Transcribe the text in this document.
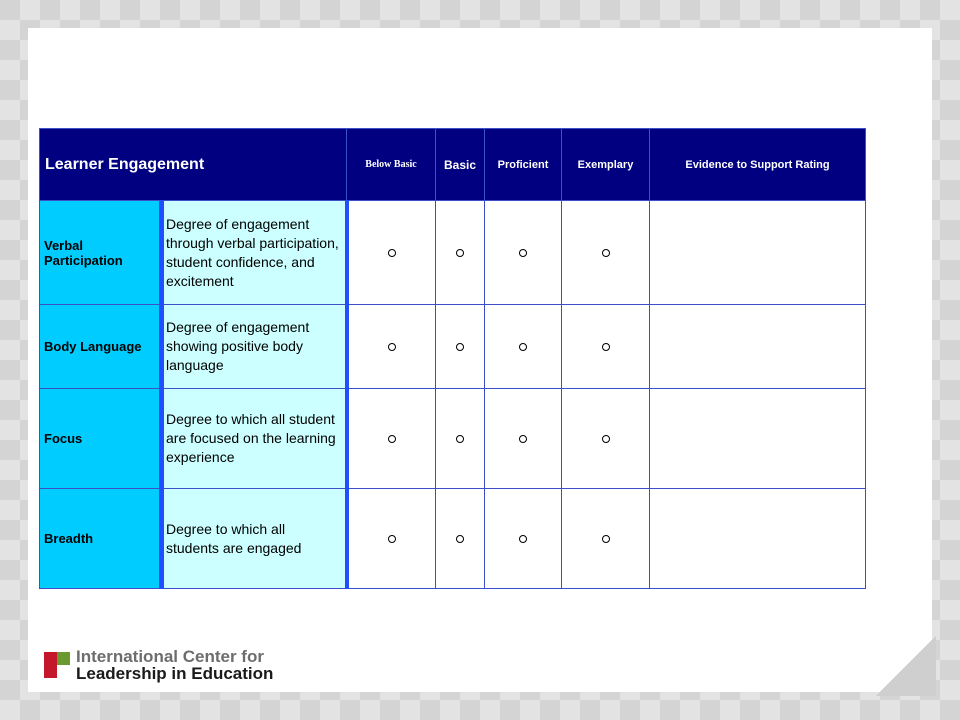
Learner Engagement		Below Basic	Basic	Proficient	Exemplary	Evidence to Support Rating
Verbal Participation	Degree of engagement through verbal participation, student confidence, and excitement					
Body Language	Degree of engagement showing positive body language					
Focus	Degree to which all student are focused on the learning experience					
Breadth	Degree to which all students are engaged					
International Center for
Leadership in Education
